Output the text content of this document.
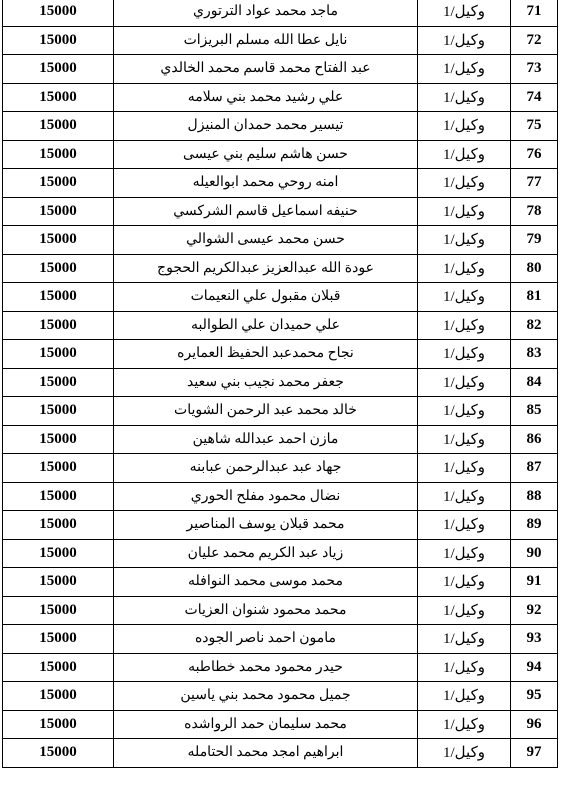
71	وكيل/1	ماجد محمد عواد الترتوري	15000
72	وكيل/1	نايل عطا الله مسلم البريزات	15000
73	وكيل/1	عبد الفتاح محمد قاسم محمد الخالدي	15000
74	وكيل/1	علي رشيد محمد بني سلامه	15000
75	وكيل/1	تيسير محمد حمدان المنيزل	15000
76	وكيل/1	حسن هاشم سليم بني عيسى	15000
77	وكيل/1	امنه روحي محمد ابوالعيله	15000
78	وكيل/1	حنيفه اسماعيل قاسم الشركسي	15000
79	وكيل/1	حسن محمد عيسى الشوالي	15000
80	وكيل/1	عودة الله عبدالعزيز عبدالكريم الحجوج	15000
81	وكيل/1	قبلان مقبول علي النعيمات	15000
82	وكيل/1	علي حميدان علي الطوالبه	15000
83	وكيل/1	نجاح محمدعبد الحفيظ العمايره	15000
84	وكيل/1	جعفر محمد نجيب بني سعيد	15000
85	وكيل/1	خالد محمد عبد الرحمن الشويات	15000
86	وكيل/1	مازن احمد عبدالله شاهين	15000
87	وكيل/1	جهاد عبد عبدالرحمن عبابنه	15000
88	وكيل/1	نضال محمود مفلح الحوري	15000
89	وكيل/1	محمد قبلان يوسف المناصير	15000
90	وكيل/1	زياد عبد الكريم محمد عليان	15000
91	وكيل/1	محمد موسى محمد النوافله	15000
92	وكيل/1	محمد محمود شنوان العزيات	15000
93	وكيل/1	مامون احمد ناصر الجوده	15000
94	وكيل/1	حيدر محمود محمد خطاطبه	15000
95	وكيل/1	جميل محمود محمد بني ياسين	15000
96	وكيل/1	محمد سليمان حمد الرواشده	15000
97	وكيل/1	ابراهيم امجد محمد الحتامله	15000
